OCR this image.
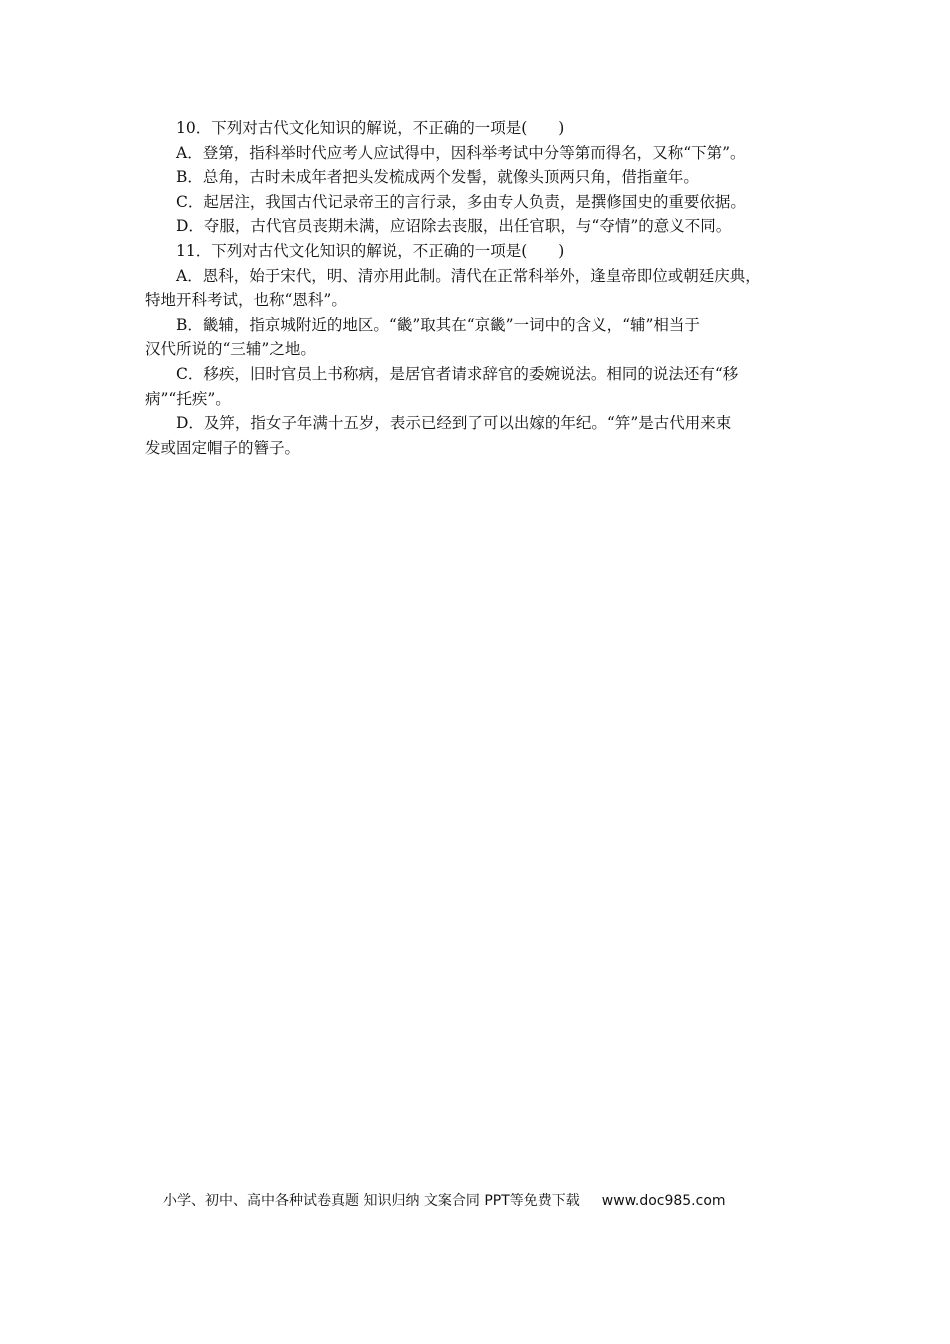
10．下列对古代文化知识的解说，不正确的一项是(　　)
A．登第，指科举时代应考人应试得中，因科举考试中分等第而得名，又称“下第”。
B．总角，古时未成年者把头发梳成两个发髻，就像头顶两只角，借指童年。
C．起居注，我国古代记录帝王的言行录，多由专人负责，是撰修国史的重要依据。
D．夺服，古代官员丧期未满，应诏除去丧服，出任官职，与“夺情”的意义不同。
11．下列对古代文化知识的解说，不正确的一项是(　　)
A．恩科，始于宋代，明、清亦用此制。清代在正常科举外，逢皇帝即位或朝廷庆典，
特地开科考试，也称“恩科”。
B．畿辅，指京城附近的地区。“畿”取其在“京畿”一词中的含义，“辅”相当于
汉代所说的“三辅”之地。
C．移疾，旧时官员上书称病，是居官者请求辞官的委婉说法。相同的说法还有“移
病”“托疾”。
D．及笄，指女子年满十五岁，表示已经到了可以出嫁的年纪。“笄”是古代用来束
发或固定帽子的簪子。
小学、初中、高中各种试卷真题 知识归纳 文案合同 PPT等免费下载 www.doc985.com
